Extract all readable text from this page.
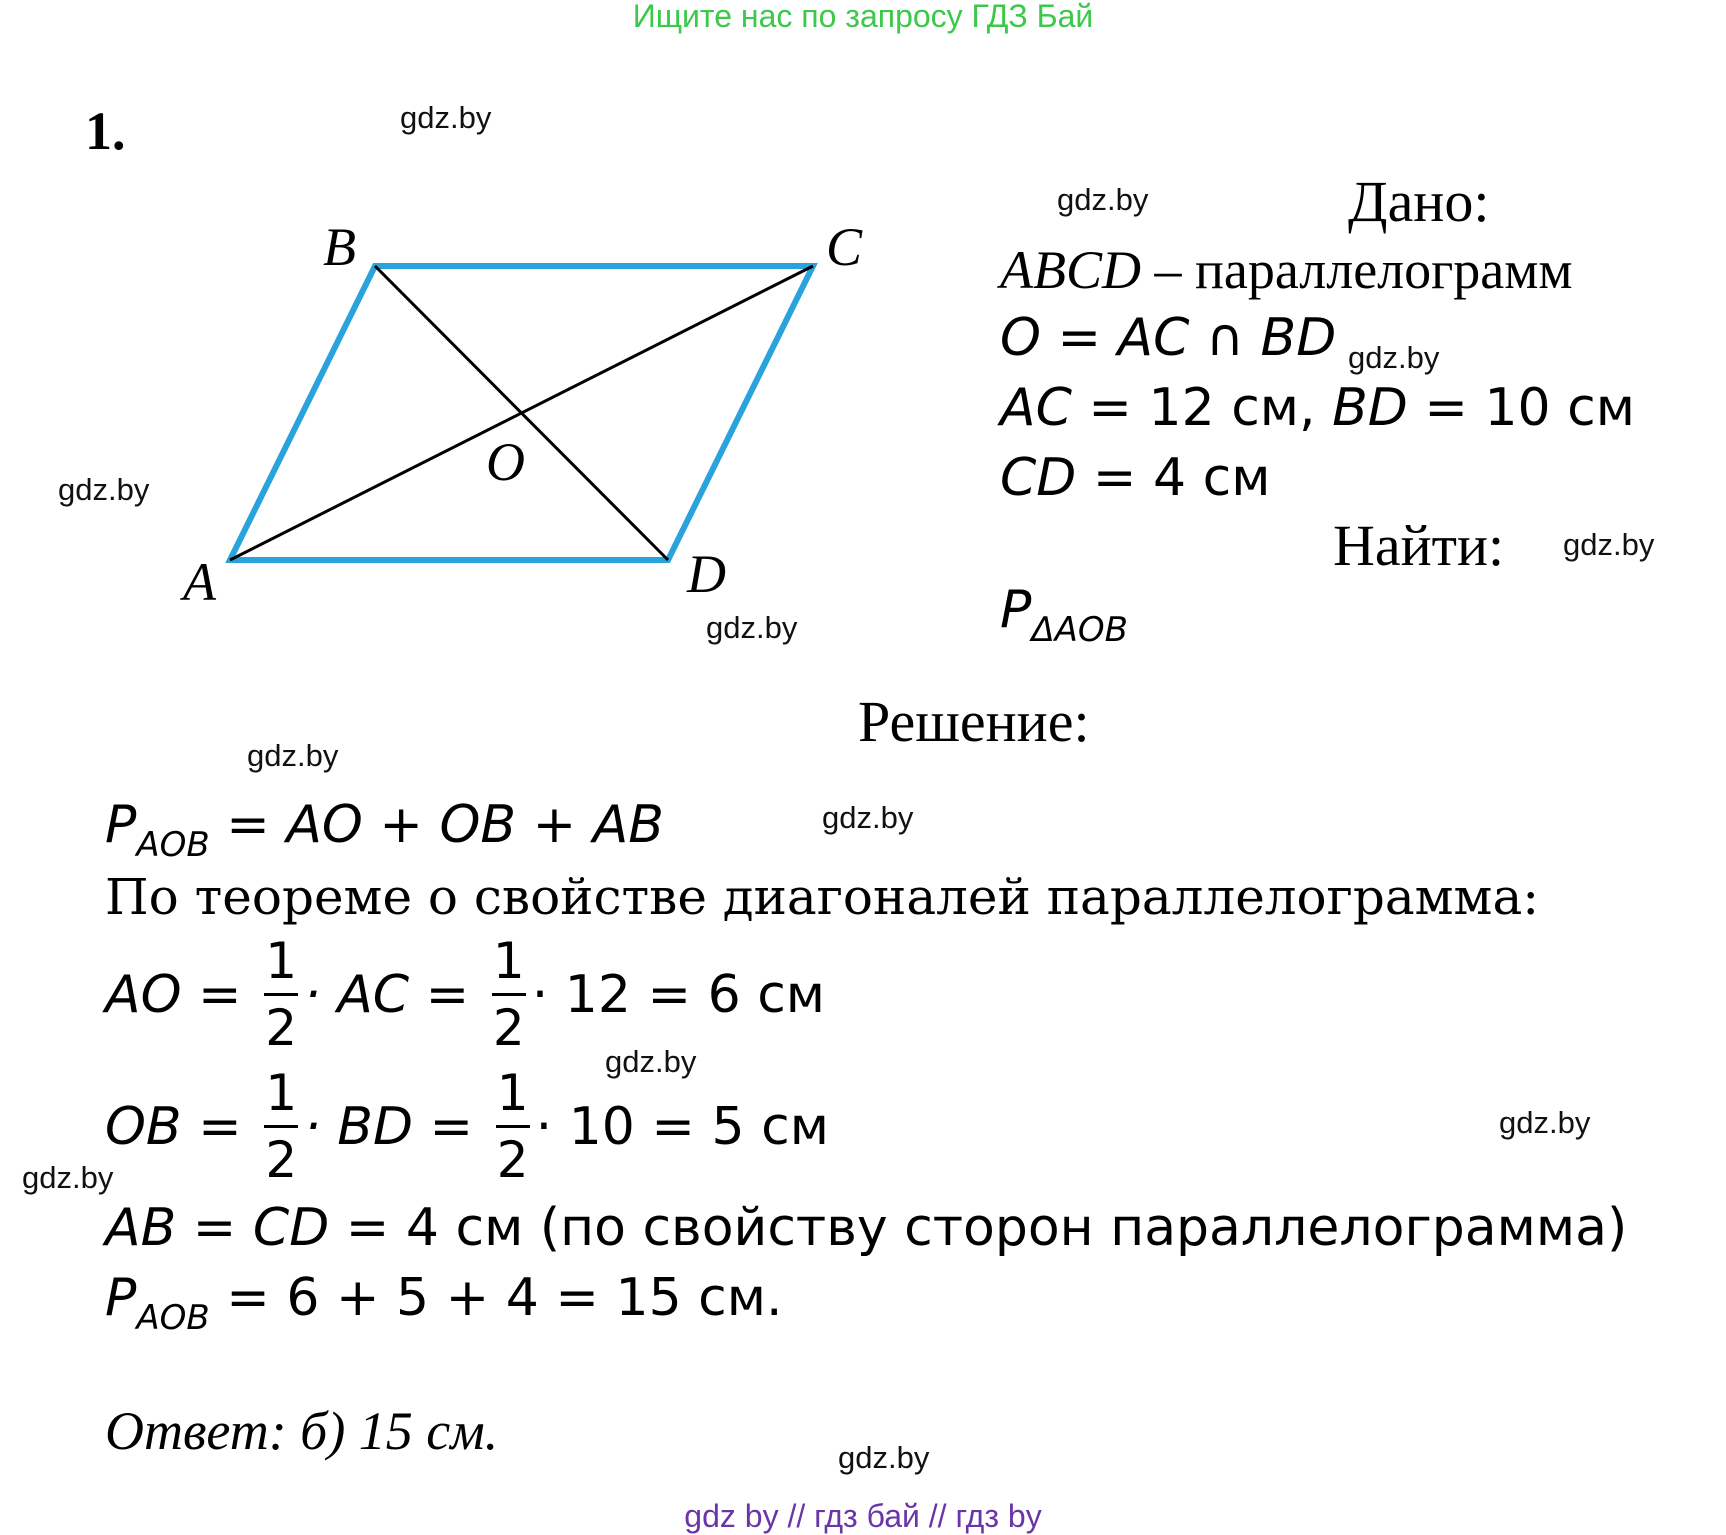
Ищите нас по запросу ГДЗ Бай
1.	gdz.by
gdz.by
gdz.by
gdz.by
gdz.by
gdz.by
gdz.by
gdz.by
gdz.by
gdz.by
gdz.by
gdz.by
A
B	C
D
O
Дано:
ABCD – параллелограмм
O = AC ∩ BD
AC = 12 см, BD = 10 см
CD = 4 см
Найти:
$P_{\Delta AOB}$
Решение:
$P_{AOB}$ = AO + OB + AB
По теореме о свойстве диагоналей параллелограмма:
AO = $\frac{1}{2}$ · AC = $\frac{1}{2} \cdot 12 = 6$ см
OB = $\frac{1}{2}$ · BD = $\frac{1}{2} \cdot 10 = 5$ см
AB = CD = 4 см (по свойству сторон параллелограмма)
$P_{AOB} = 6 + 5 + 4 = 15$ см.
Ответ: б) 15 см.
gdz by // гдз бай // гдз by
